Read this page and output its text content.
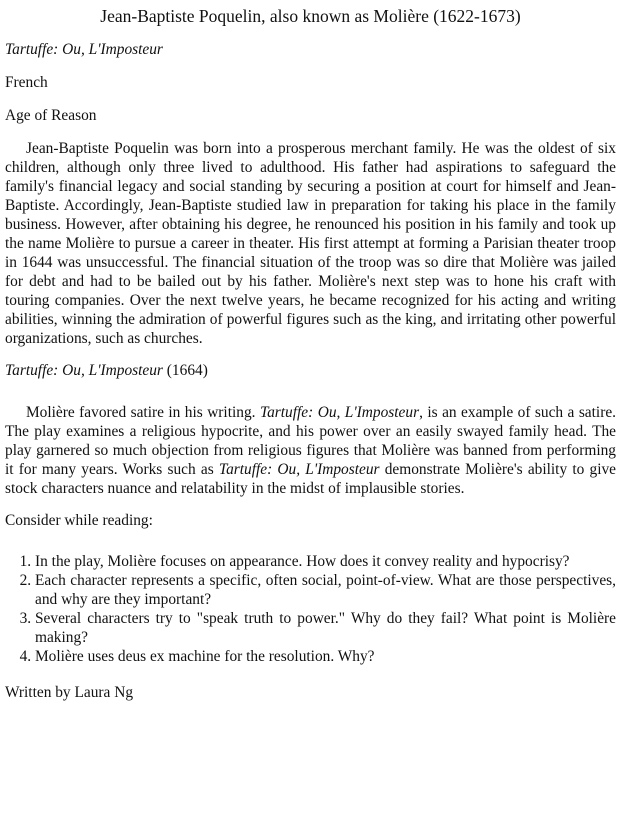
Jean-Baptiste Poquelin, also known as Molière (1622-1673)
Tartuffe: Ou, L'Imposteur
French
Age of Reason

Jean-Baptiste Poquelin was born into a prosperous merchant family. He was the oldest of six children, although only three lived to adulthood. His father had aspirations to safeguard the family's financial legacy and social standing by securing a position at court for himself and Jean-Baptiste. Accordingly, Jean-Baptiste studied law in preparation for taking his place in the family business. However, after obtaining his degree, he renounced his position in his family and took up the name Molière to pursue a career in theater. His first attempt at forming a Parisian theater troop in 1644 was unsuccessful. The financial situation of the troop was so dire that Molière was jailed for debt and had to be bailed out by his father. Molière's next step was to hone his craft with touring companies. Over the next twelve years, he became recognized for his acting and writing abilities, winning the admiration of powerful figures such as the king, and irritating other powerful organizations, such as churches.

Tartuffe: Ou, L'Imposteur (1664)

Molière favored satire in his writing. Tartuffe: Ou, L'Imposteur, is an example of such a satire. The play examines a religious hypocrite, and his power over an easily swayed family head. The play garnered so much objection from religious figures that Molière was banned from performing it for many years. Works such as Tartuffe: Ou, L'Imposteur demonstrate Molière's ability to give stock characters nuance and relatability in the midst of implausible stories.

Consider while reading:
1. In the play, Molière focuses on appearance. How does it convey reality and hypocrisy?
2. Each character represents a specific, often social, point-of-view. What are those perspectives, and why are they important?
3. Several characters try to "speak truth to power." Why do they fail? What point is Molière making?
4. Molière uses deus ex machine for the resolution. Why?
Written by Laura Ng
